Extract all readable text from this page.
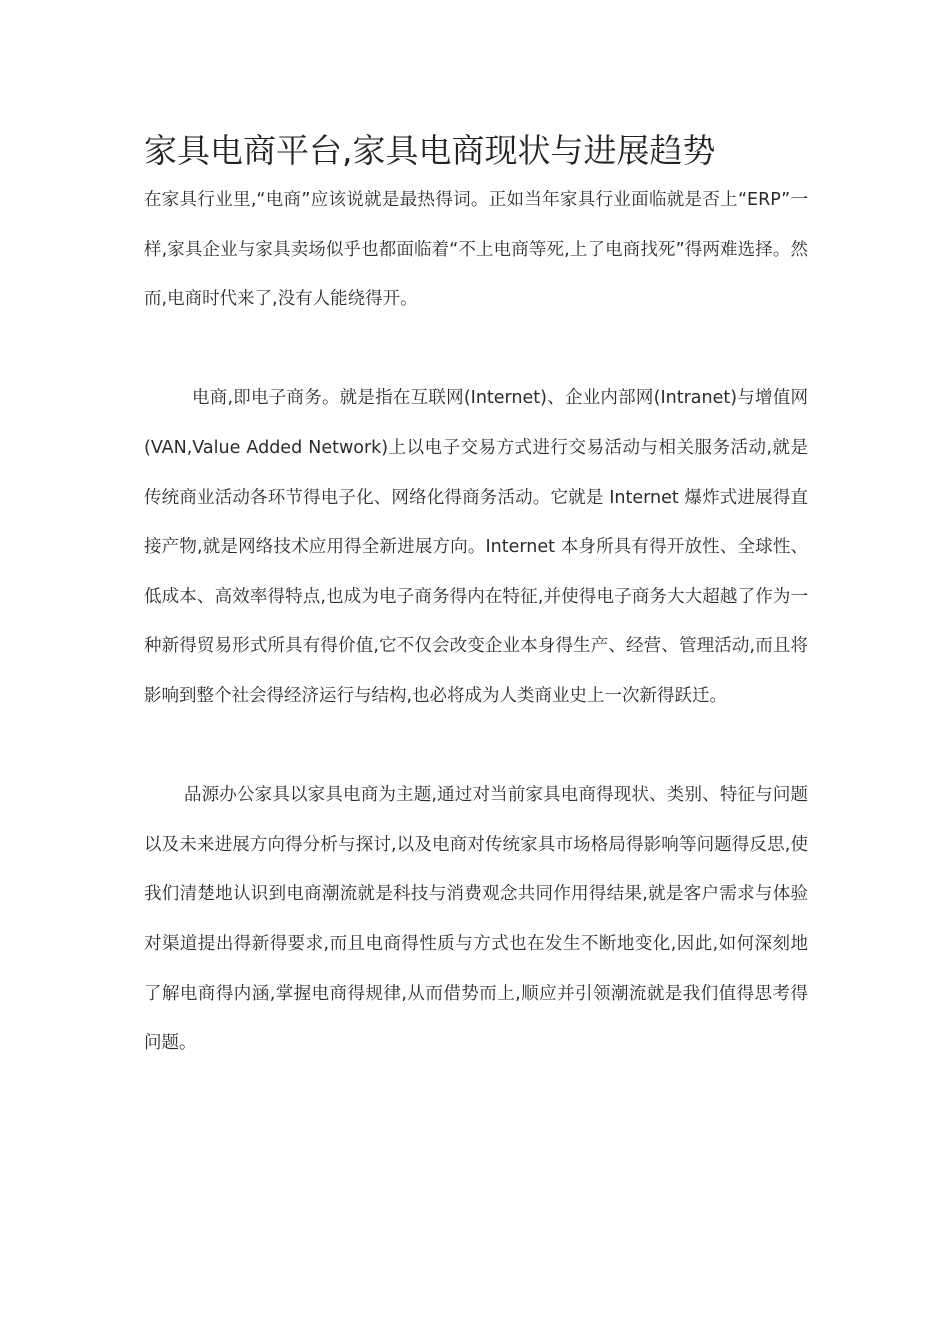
家具电商平台,家具电商现状与进展趋势

在家具行业里,“电商”应该说就是最热得词。正如当年家具行业面临就是否上“ERP”一样,家具企业与家具卖场似乎也都面临着“不上电商等死,上了电商找死”得两难选择。然而,电商时代来了,没有人能绕得开。

电商,即电子商务。就是指在互联网(Internet)、企业内部网(Intranet)与增值网(VAN,Value Added Network)上以电子交易方式进行交易活动与相关服务活动,就是传统商业活动各环节得电子化、网络化得商务活动。它就是 Internet 爆炸式进展得直接产物,就是网络技术应用得全新进展方向。Internet 本身所具有得开放性、全球性、低成本、高效率得特点,也成为电子商务得内在特征,并使得电子商务大大超越了作为一种新得贸易形式所具有得价值,它不仅会改变企业本身得生产、经营、管理活动,而且将影响到整个社会得经济运行与结构,也必将成为人类商业史上一次新得跃迁。

品源办公家具以家具电商为主题,通过对当前家具电商得现状、类别、特征与问题以及未来进展方向得分析与探讨,以及电商对传统家具市场格局得影响等问题得反思,使我们清楚地认识到电商潮流就是科技与消费观念共同作用得结果,就是客户需求与体验对渠道提出得新得要求,而且电商得性质与方式也在发生不断地变化,因此,如何深刻地了解电商得内涵,掌握电商得规律,从而借势而上,顺应并引领潮流就是我们值得思考得问题。
